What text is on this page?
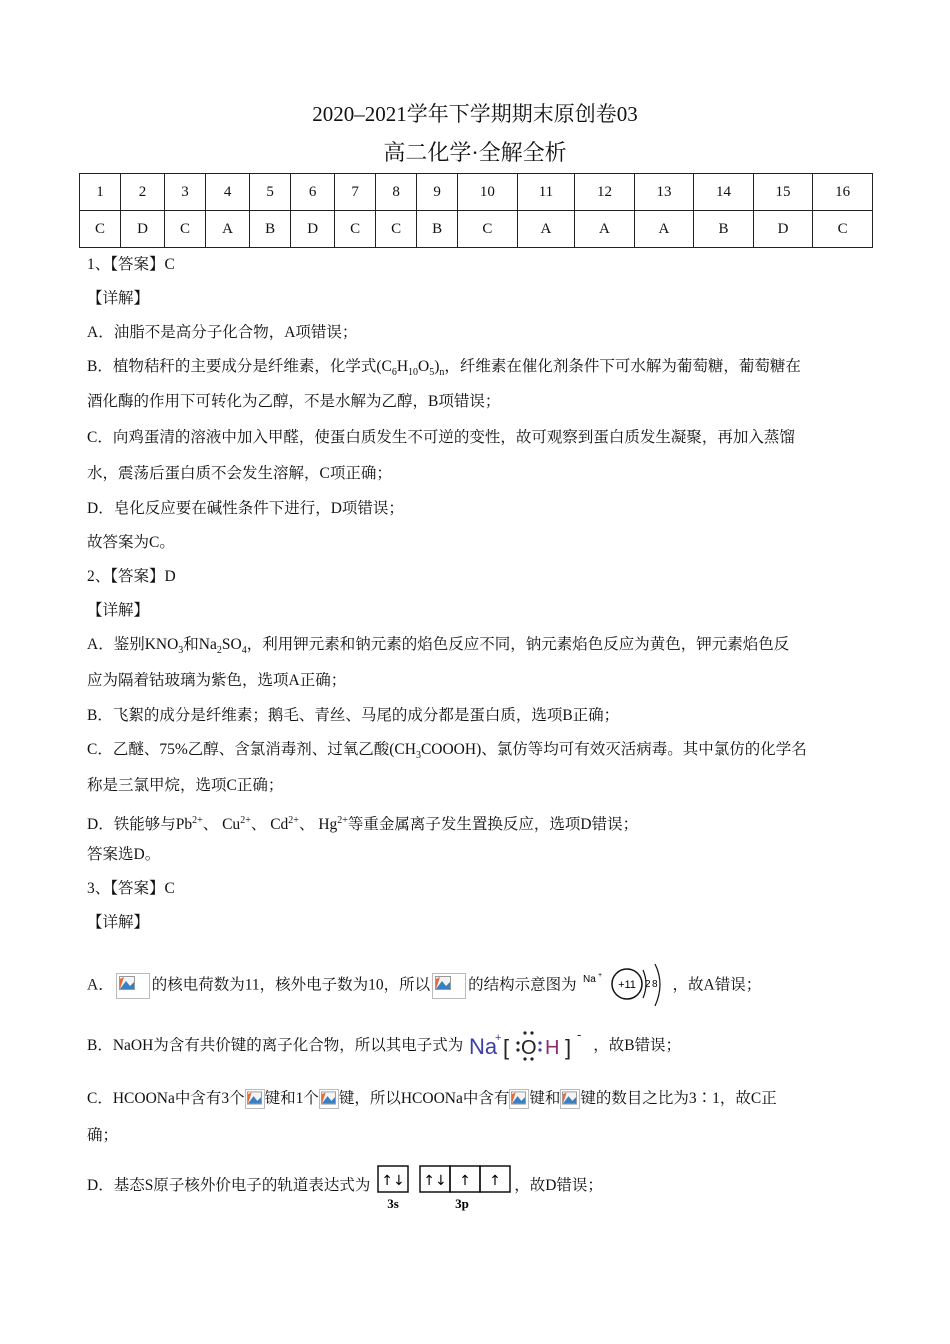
2020–2021学年下学期期末原创卷03
高二化学·全解全析
1	2	3	4	5	6	7	8	9	10	11	12	13	14	15	16
C	D	C	A	B	D	C	C	B	C	A	A	A	B	D	C
1、【答案】C
【详解】
A．油脂不是高分子化合物，A项错误；
B．植物秸秆的主要成分是纤维素，化学式$(C_6H_{10}O_5)_n$，纤维素在催化剂条件下可水解为葡萄糖，葡萄糖在
酒化酶的作用下可转化为乙醇，不是水解为乙醇，B项错误；
C．向鸡蛋清的溶液中加入甲醛，使蛋白质发生不可逆的变性，故可观察到蛋白质发生凝聚，再加入蒸馏
水，震荡后蛋白质不会发生溶解，C项正确；
D．皂化反应要在碱性条件下进行，D项错误；
故答案为C。
2、【答案】D
【详解】
A．鉴别$KNO_3$和$Na_2SO_4$，利用钾元素和钠元素的焰色反应不同，钠元素焰色反应为黄色，钾元素焰色反
应为隔着钴玻璃为紫色，选项A正确；
B．飞絮的成分是纤维素；鹅毛、青丝、马尾的成分都是蛋白质，选项B正确；
C．乙醚、75%乙醇、含氯消毒剂、过氧乙酸$(CH_3COOOH)$、氯仿等均可有效灭活病毒。其中氯仿的化学名
称是三氯甲烷，选项C正确；
D．铁能够与$Pb^{2+}$、 $Cu^{2+}$、 $Cd^{2+}$、 $Hg^{2+}$等重金属离子发生置换反应，选项D错误；
答案选D。
3、【答案】C
【详解】
A． 的核电荷数为11，核外电子数为10，所以 的结构示意图为 Na +
+11 2 8 ，故A错误；
B．NaOH为含有共价键的离子化合物，所以其电子式为 Na
+ [ O H ]
-
，故B错误；
C．HCOONa中含有3个 键和1个 键，所以HCOONa中含有 键和 键的数目之比为3∶1，故C正
确；
D．基态S原子核外价电子的轨道表达式为 ↑↓
3s
↑↓ ↑ ↑
3p
，故D错误；
